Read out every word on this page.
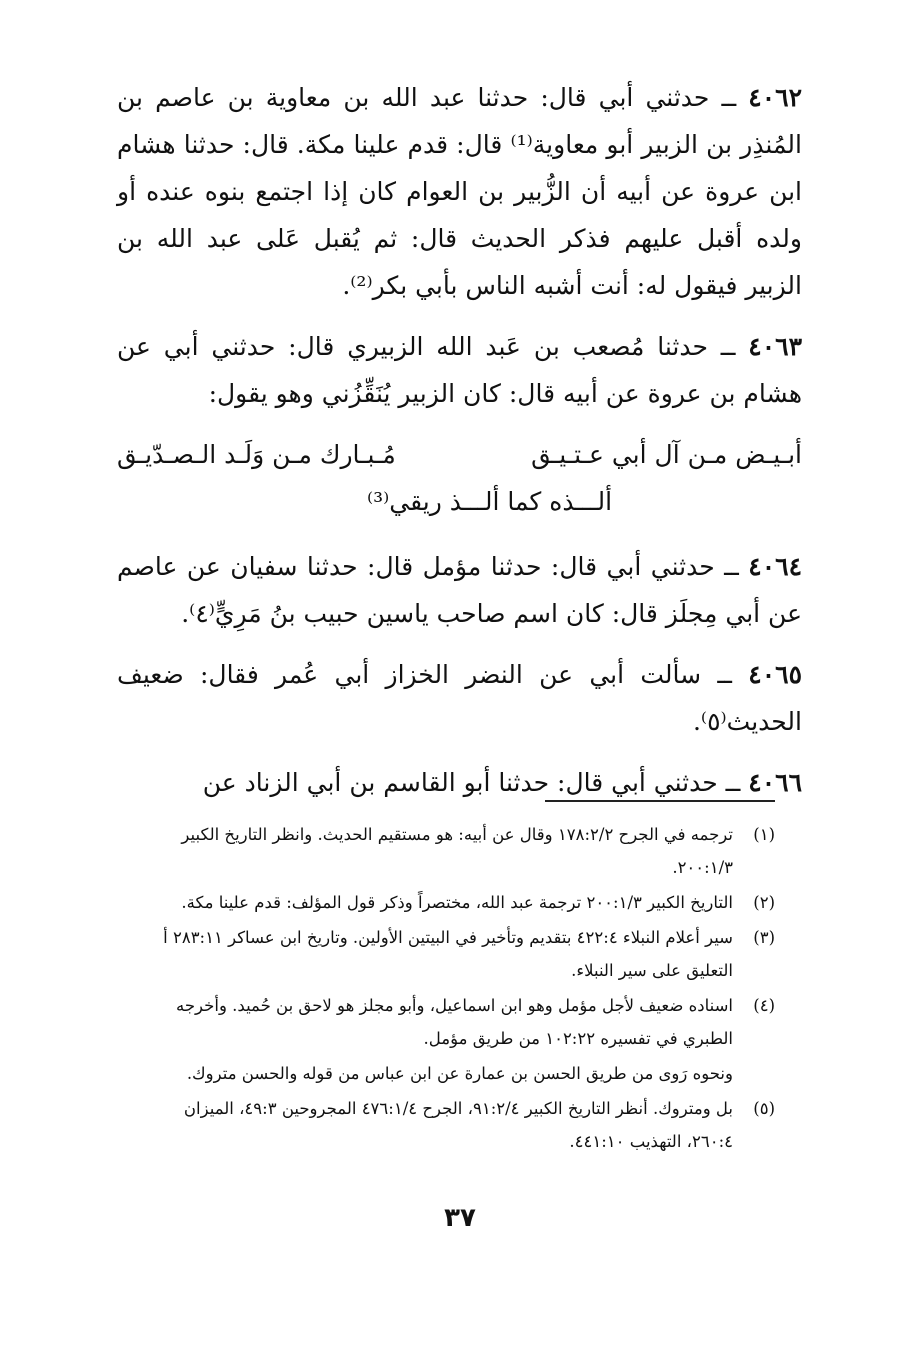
٤٠٦٢ ــ حدثني أبي قال: حدثنا عبد الله بن معاوية بن عاصم بن المُنذِر بن الزبير أبو معاوية⁽¹⁾ قال: قدم علينا مكة. قال: حدثنا هشام ابن عروة عن أبيه أن الزُّبير بن العوام كان إذا اجتمع بنوه عنده أو ولده أقبل عليهم فذكر الحديث قال: ثم يُقبل عَلى عبد الله بن الزبير فيقول له: أنت أشبه الناس بأبي بكر⁽²⁾.

٤٠٦٣ ــ حدثنا مُصعب بن عَبد الله الزبيري قال: حدثني أبي عن هشام بن عروة عن أبيه قال: كان الزبير يُنَقِّزُني وهو يقول:

أبـيـض مـن آل أبي عـتـيـق
مُـبـارك مـن وَلَـد الـصـدّيـق
ألـــذه كما ألـــذ ريقي⁽³⁾

٤٠٦٤ ــ حدثني أبي قال: حدثنا مؤمل قال: حدثنا سفيان عن عاصم عن أبي مِجلَز قال: كان اسم صاحب ياسين حبيب بنُ مَرِيٍّ⁽٤⁾.

٤٠٦٥ ــ سألت أبي عن النضر الخزاز أبي عُمر فقال: ضعيف الحديث⁽٥⁾.

٤٠٦٦ ــ حدثني أبي قال: حدثنا أبو القاسم بن أبي الزناد عن

(١)
ترجمه في الجرح ١٧٨:٢/٢ وقال عن أبيه: هو مستقيم الحديث. وانظر التاريخ الكبير ٢٠٠:١/٣.
(٢)
التاريخ الكبير ٢٠٠:١/٣ ترجمة عبد الله، مختصراً وذكر قول المؤلف: قدم علينا مكة.
(٣)
سير أعلام النبلاء ٤٢٢:٤ بتقديم وتأخير في البيتين الأولين. وتاريخ ابن عساكر ٢٨٣:١١ أ التعليق على سير النبلاء.
(٤)
اسناده ضعيف لأجل مؤمل وهو ابن اسماعيل، وأبو مجلز هو لاحق بن حُميد. وأخرجه الطبري في تفسيره ١٠٢:٢٢ من طريق مؤمل.
ونحوه رَوى من طريق الحسن بن عمارة عن ابن عباس من قوله والحسن متروك.
(٥)
بل ومتروك. أنظر التاريخ الكبير ٩١:٢/٤، الجرح ٤٧٦:١/٤ المجروحين ٤٩:٣، الميزان ٢٦٠:٤، التهذيب ٤٤١:١٠.
٣٧
